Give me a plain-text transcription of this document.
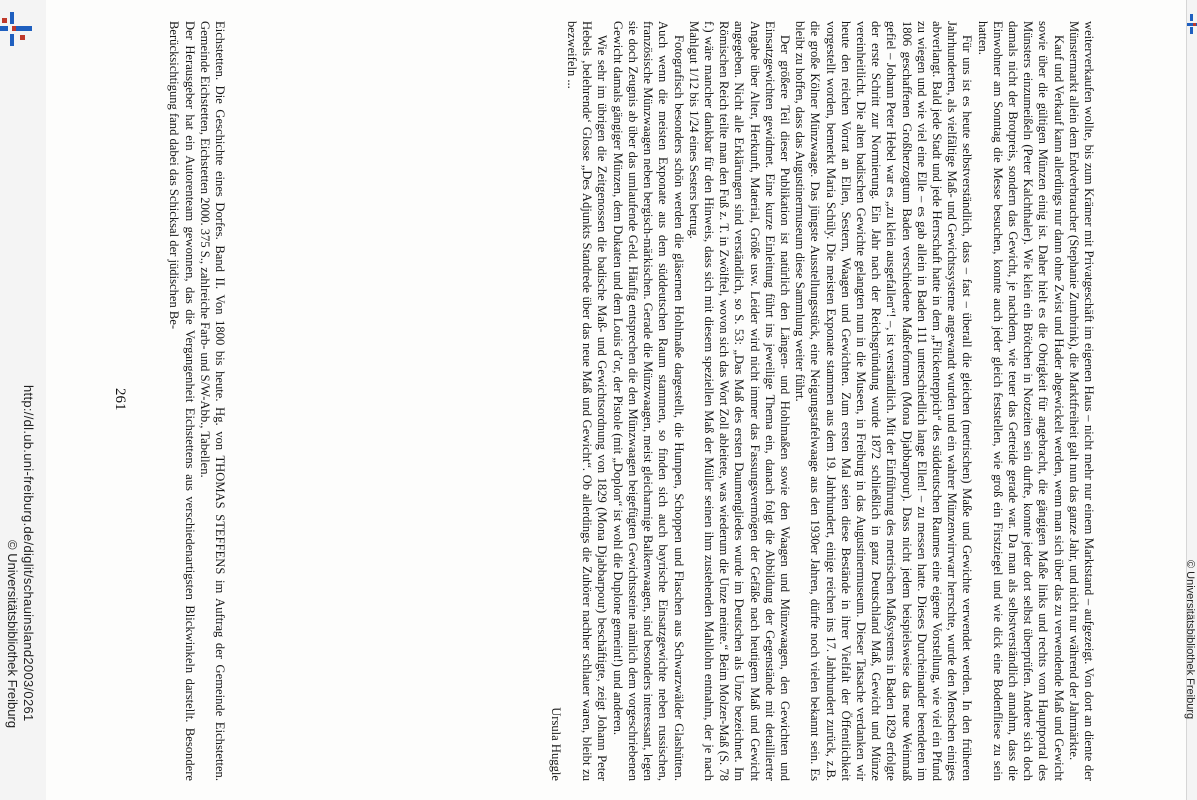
http://dl.ub.uni-freiburg.de/diglit/schauinsland2003/0261
© Universitätsbibliothek Freiburg
261	weiterverkaufen wollte, bis zum Krämer mit Privatgeschäft im eigenen Haus – nicht mehr nur einem Marktstand – aufgezeigt. Von dort an diente der Münstermarkt allein dem Endverbraucher (Stephanie Zumbrink), die Marktfreiheit galt nun das ganze Jahr, und nicht nur während der Jahrmärkte.

Kauf und Verkauf kann allerdings nur dann ohne Zwist und Hader abgewickelt werden, wenn man sich über das zu verwendende Maß und Gewicht sowie über die gültigen Münzen einig ist. Daher hielt es die Obrigkeit für angebracht, die gängigen Maße links und rechts vom Hauptportal des Münsters einzumeißeln (Peter Kalchthaler). Wie klein ein Brötchen in Notzeiten sein durfte, konnte jeder dort selbst überprüfen. Andere sich doch damals nicht der Brotpreis, sondern das Gewicht, je nachdem, wie teuer das Getreide gerade war. Da man als selbstverständlich annahm, dass die Einwohner am Sonntag die Messe besuchen, konnte auch jeder gleich feststellen, wie groß ein Firstziegel und wie dick eine Bodenfliese zu sein hatten.

Für uns ist es heute selbstverständlich, dass – fast – überall die gleichen (metrischen) Maße und Gewichte verwendet werden. In den früheren Jahrhunderten, als vielfältige Maß- und Gewichtssysteme angewandt wurden und ein wahrer Münzenwirrwarr herrschte, wurde den Menschen einiges abverlangt. Bald jede Stadt und jede Herrschaft hatte in dem „Flickenteppich“ des süddeutschen Raumes eine eigene Vorstellung, wie viel ein Pfund zu wiegen und wie viel eine Elle – es gab allein in Baden 111 unterschiedlich lange Ellen! – zu messen hatte. Dieses Durcheinander beendeten im 1806 geschaffenen Großherzogtum Baden verschiedene Maßreformen (Mona Djabbarpour). Dass nicht jedem beispielsweise das neue Weinmaß gefiel – Johann Peter Hebel war es „zu klein ausgefallen“! –, ist verständlich. Mit der Einführung des metrischen Maßsystems in Baden 1829 erfolgte der erste Schritt zur Normierung. Ein Jahr nach der Reichsgründung wurde 1872 schließlich in ganz Deutschland Maß, Gewicht und Münze vereinheitlicht. Die alten badischen Gewichte gelangten nun in die Museen, in Freiburg in das Augustinermuseum. Dieser Tatsache verdanken wir heute den reichen Vorrat an Ellen, Sestern, Waagen und Gewichten. Zum ersten Mal seien diese Bestände in ihrer Vielfalt der Öffentlichkeit vorgestellt worden, bemerkt Maria Schüly. Die meisten Exponate stammen aus dem 19. Jahrhundert, einige reichen ins 17. Jahrhundert zurück, z.B. die große Kölner Münzwaage. Das jüngste Ausstellungsstück, eine Neigungstafelwaage aus den 1930er Jahren, dürfte noch vielen bekannt sein. Es bleibt zu hoffen, dass das Augustinermuseum diese Sammlung weiter führt.

Der größere Teil dieser Publikation ist natürlich den Längen- und Hohlmaßen sowie den Waagen und Münzwaagen, den Gewichten und Einsatzgewichten gewidmet. Eine kurze Einleitung führt ins jeweilige Thema ein, danach folgt die Abbildung der Gegenstände mit detaillierter Angabe über Alter, Herkunft, Material, Größe usw. Leider wird nicht immer das Fassungsvermögen der Gefäße nach heutigem Maß und Gewicht angegeben. Nicht alle Erklärungen sind verständlich, so S. 53: „Das Maß des ersten Daumengliedes wurde im Deutschen als Unze bezeichnet. Im Römischen Reich teilte man den Fuß z. T. in Zwölftel, wovon sich das Wort Zoll ableitete, was wiederum die Unze meinte.“ Beim Molzer-Maß (S. 78 f.) wäre mancher dankbar für den Hinweis, dass sich mit diesem speziellen Maß der Müller seinen ihm zustehenden Mahllohn entnahm, der je nach Mahlgut 1/12 bis 1/24 eines Sesters betrug.

Fotografisch besonders schön werden die gläsernen Hohlmaße dargestellt, die Humpen, Schoppen und Flaschen aus Schwarzwälder Glashütten. Auch wenn die meisten Exponate aus dem süddeutschen Raum stammen, so finden sich auch bayrische Einsatzgewichte neben russischen, französische Münzwaagen neben bergisch-märkischen. Gerade die Münzwaagen, meist gleicharmige Balkenwaagen, sind besonders interessant, legen sie doch Zeugnis ab über das umlaufende Geld. Häufig entsprechen die den Münzwaagen beigefügten Gewichtssteine nämlich dem vorgeschriebenen Gewicht damals gängiger Münzen, dem Dukaten und dem Louis d’or, der Pistole (mit „Doplon“ ist wohl die Duplone gemeint!) und anderen.

Wie sehr im übrigen die Zeitgenossen die badische Maß- und Gewichtsordnung von 1829 (Mona Djabbarpour) beschäftigte, zeigt Johann Peter Hebels ‚belehrende‘ Glosse „Des Adjunkts Standrede über das neue Maß und Gewicht“. Ob allerdings die Zuhörer nachher schlauer waren, bleibt zu bezweifeln ...

Ursula Huggle

Eichstetten. Die Geschichte eines Dorfes. Band II. Von 1800 bis heute. Hg. von THOMAS STEFFENS im Auftrag der Gemeinde Eichstetten. Gemeinde Eichstetten, Eichstetten 2000. 375 S., zahlreiche Farb- und S/W-Abb., Tabellen.

Der Herausgeber hat ein Autorenteam gewonnen, das die Vergangenheit Eichstettens aus verschiedenartigsten Blickwinkeln darstellt. Besondere Berücksichtigung fand dabei das Schicksal der jüdischen Be-

© Universitätsbibliothek Freiburg
